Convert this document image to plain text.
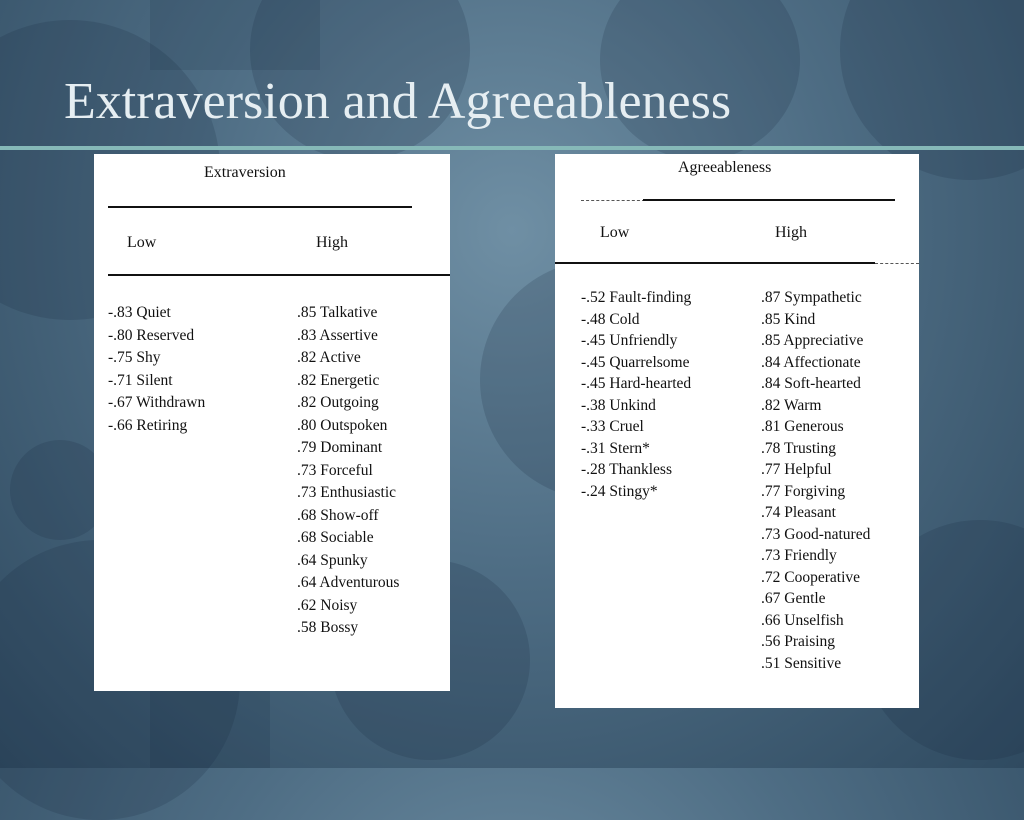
Extraversion and Agreeableness
Extraversion
Low	High
-.83 Quiet
-.80 Reserved
-.75 Shy
-.71 Silent
-.67 Withdrawn
-.66 Retiring
.85 Talkative
.83 Assertive
.82 Active
.82 Energetic
.82 Outgoing
.80 Outspoken
.79 Dominant
.73 Forceful
.73 Enthusiastic
.68 Show-off
.68 Sociable
.64 Spunky
.64 Adventurous
.62 Noisy
.58 Bossy
Agreeableness
Low	High
-.52 Fault-finding
-.48 Cold
-.45 Unfriendly
-.45 Quarrelsome
-.45 Hard-hearted
-.38 Unkind
-.33 Cruel
-.31 Stern*
-.28 Thankless
-.24 Stingy*
.87 Sympathetic
.85 Kind
.85 Appreciative
.84 Affectionate
.84 Soft-hearted
.82 Warm
.81 Generous
.78 Trusting
.77 Helpful
.77 Forgiving
.74 Pleasant
.73 Good-natured
.73 Friendly
.72 Cooperative
.67 Gentle
.66 Unselfish
.56 Praising
.51 Sensitive
